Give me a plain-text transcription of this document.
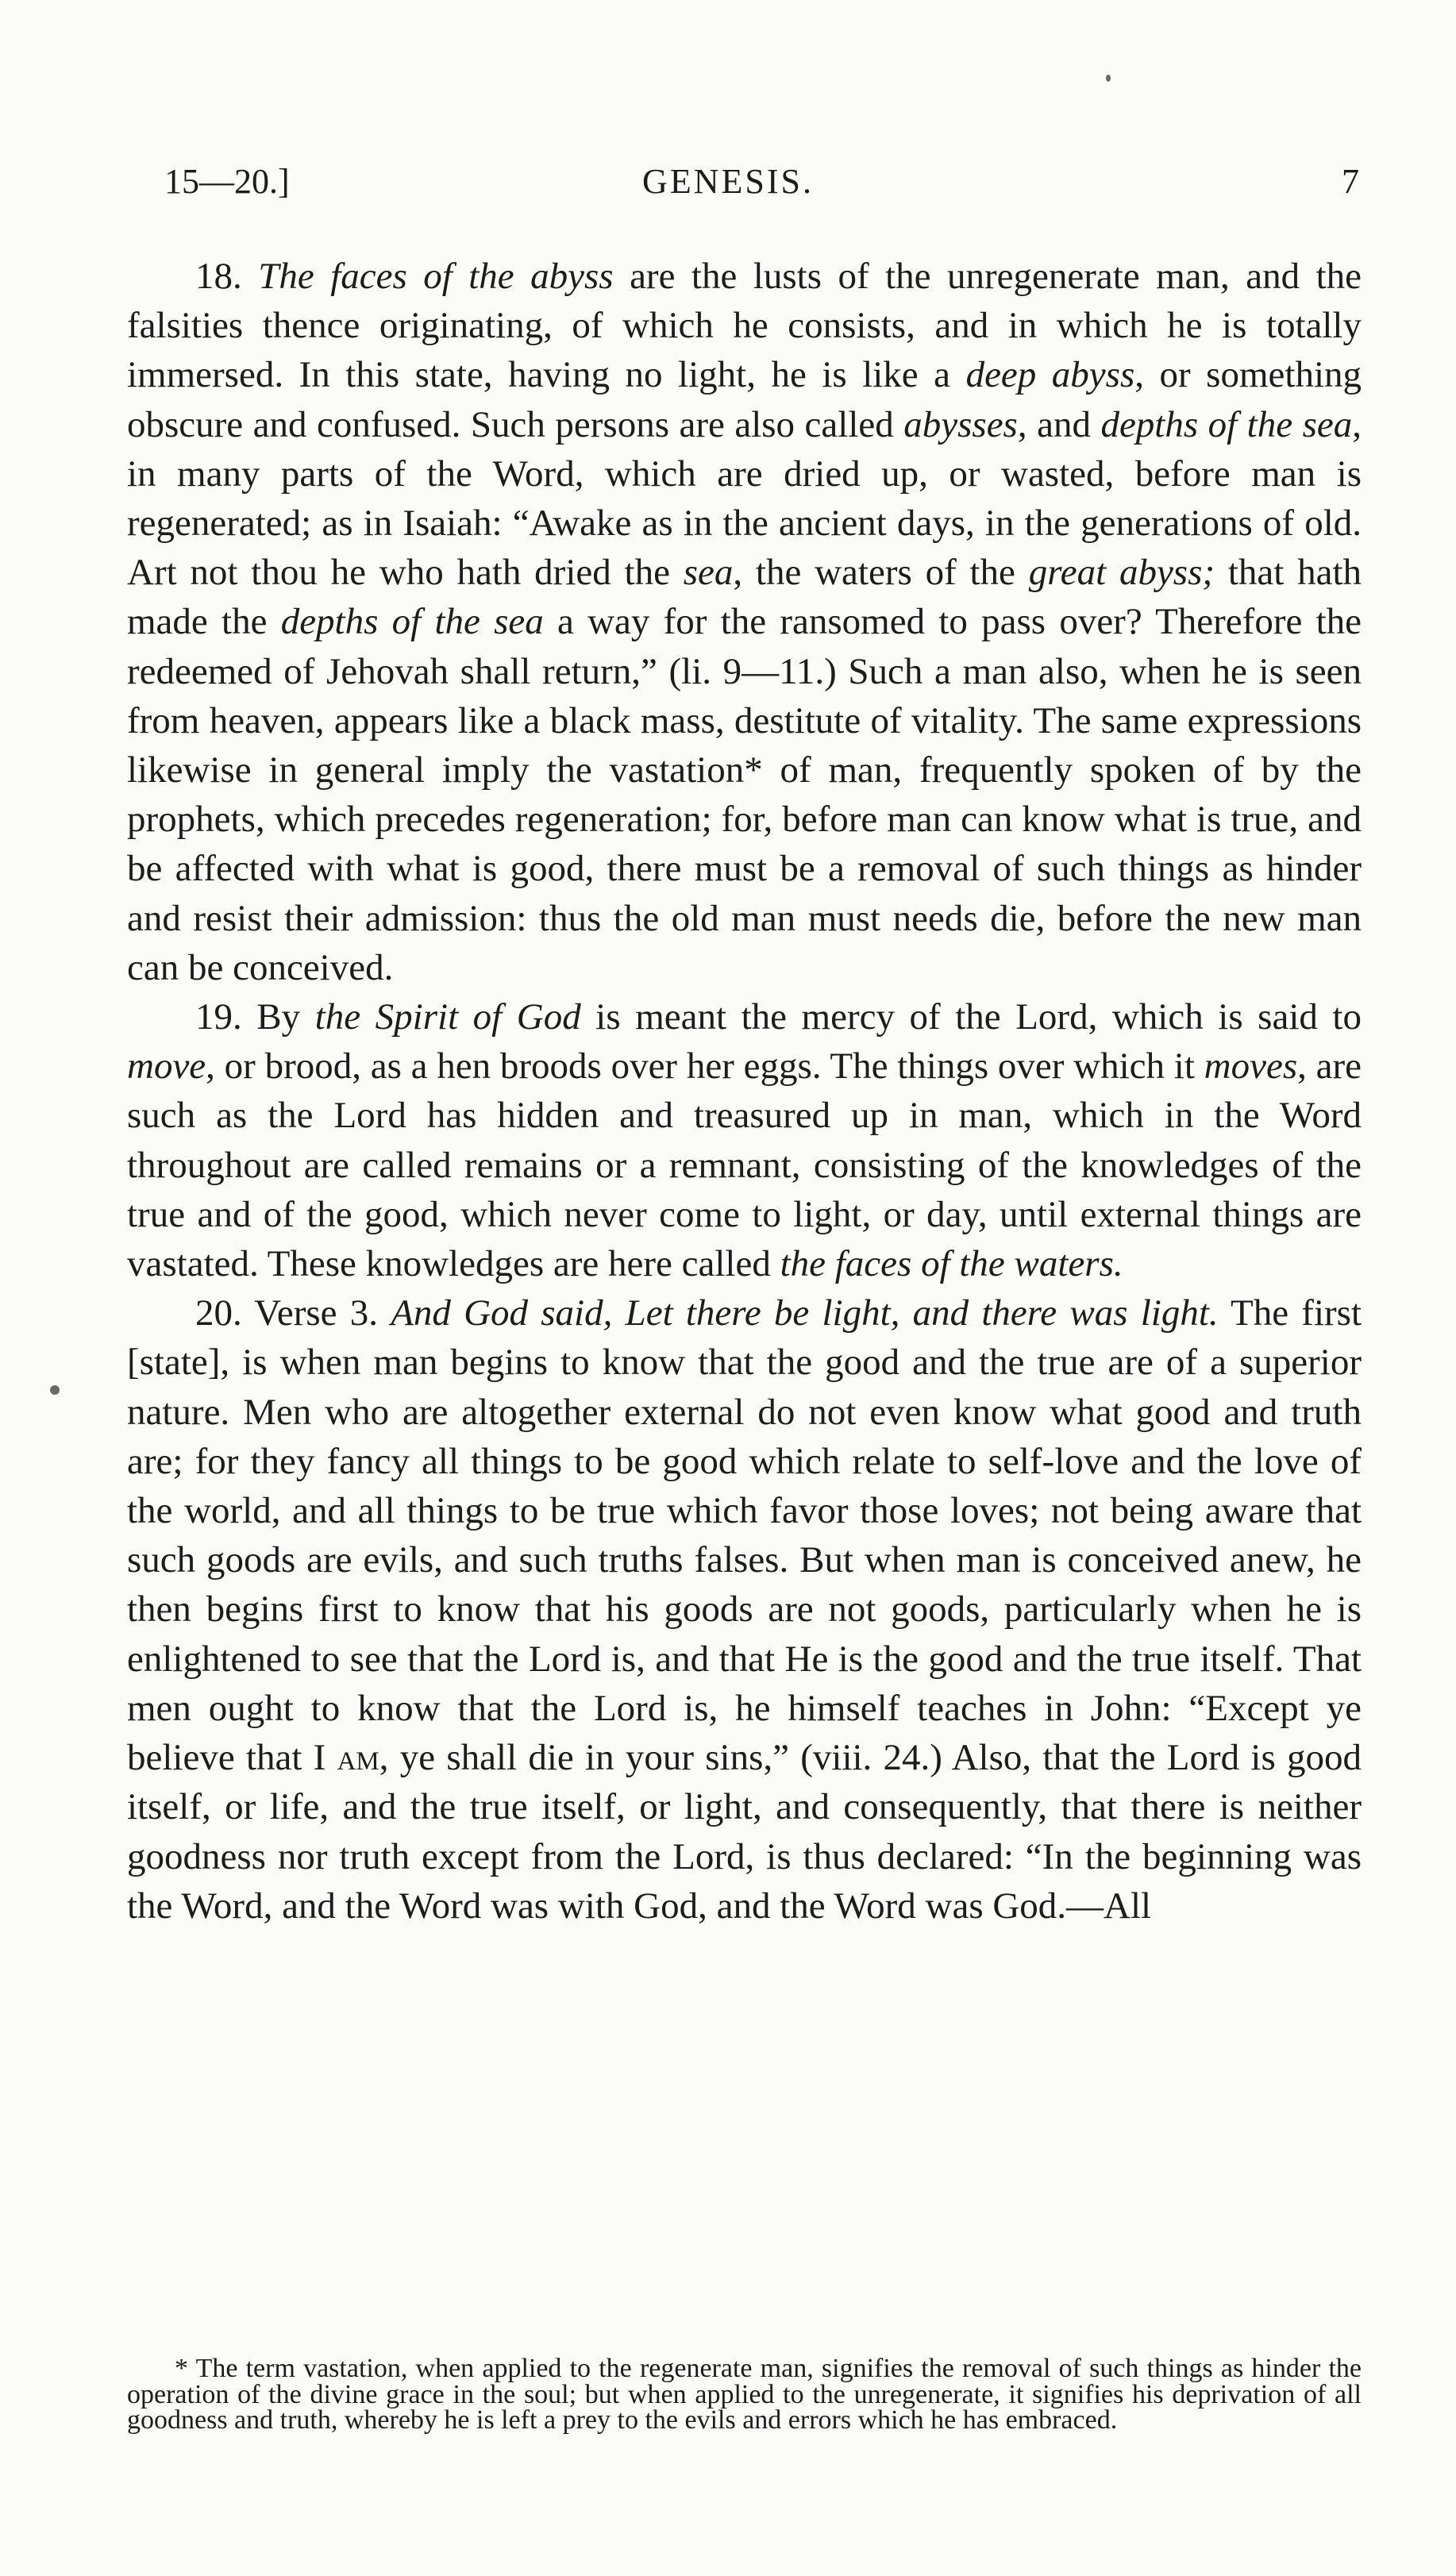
15—20.]	GENESIS.	7

18. The faces of the abyss are the lusts of the unregenerate man, and the falsities thence originating, of which he consists, and in which he is totally immersed. In this state, having no light, he is like a deep abyss, or something obscure and confused. Such persons are also called abysses, and depths of the sea, in many parts of the Word, which are dried up, or wasted, before man is regenerated; as in Isaiah: “Awake as in the ancient days, in the generations of old. Art not thou he who hath dried the sea, the waters of the great abyss; that hath made the depths of the sea a way for the ransomed to pass over? Therefore the redeemed of Jehovah shall return,” (li. 9—11.) Such a man also, when he is seen from heaven, appears like a black mass, destitute of vitality. The same expressions likewise in general imply the vastation* of man, frequently spoken of by the prophets, which precedes regeneration; for, before man can know what is true, and be affected with what is good, there must be a removal of such things as hinder and resist their admission: thus the old man must needs die, before the new man can be conceived.

19. By the Spirit of God is meant the mercy of the Lord, which is said to move, or brood, as a hen broods over her eggs. The things over which it moves, are such as the Lord has hidden and treasured up in man, which in the Word throughout are called remains or a remnant, consisting of the knowledges of the true and of the good, which never come to light, or day, until external things are vastated. These knowledges are here called the faces of the waters.

20. Verse 3. And God said, Let there be light, and there was light. The first [state], is when man begins to know that the good and the true are of a superior nature. Men who are altogether external do not even know what good and truth are; for they fancy all things to be good which relate to self-love and the love of the world, and all things to be true which favor those loves; not being aware that such goods are evils, and such truths falses. But when man is conceived anew, he then begins first to know that his goods are not goods, particularly when he is enlightened to see that the Lord is, and that He is the good and the true itself. That men ought to know that the Lord is, he himself teaches in John: “Except ye believe that I am, ye shall die in your sins,” (viii. 24.) Also, that the Lord is good itself, or life, and the true itself, or light, and consequently, that there is neither goodness nor truth except from the Lord, is thus declared: “In the beginning was the Word, and the Word was with God, and the Word was God.—All

* The term vastation, when applied to the regenerate man, signifies the removal of such things as hinder the operation of the divine grace in the soul; but when applied to the unregenerate, it signifies his deprivation of all goodness and truth, whereby he is left a prey to the evils and errors which he has embraced.
